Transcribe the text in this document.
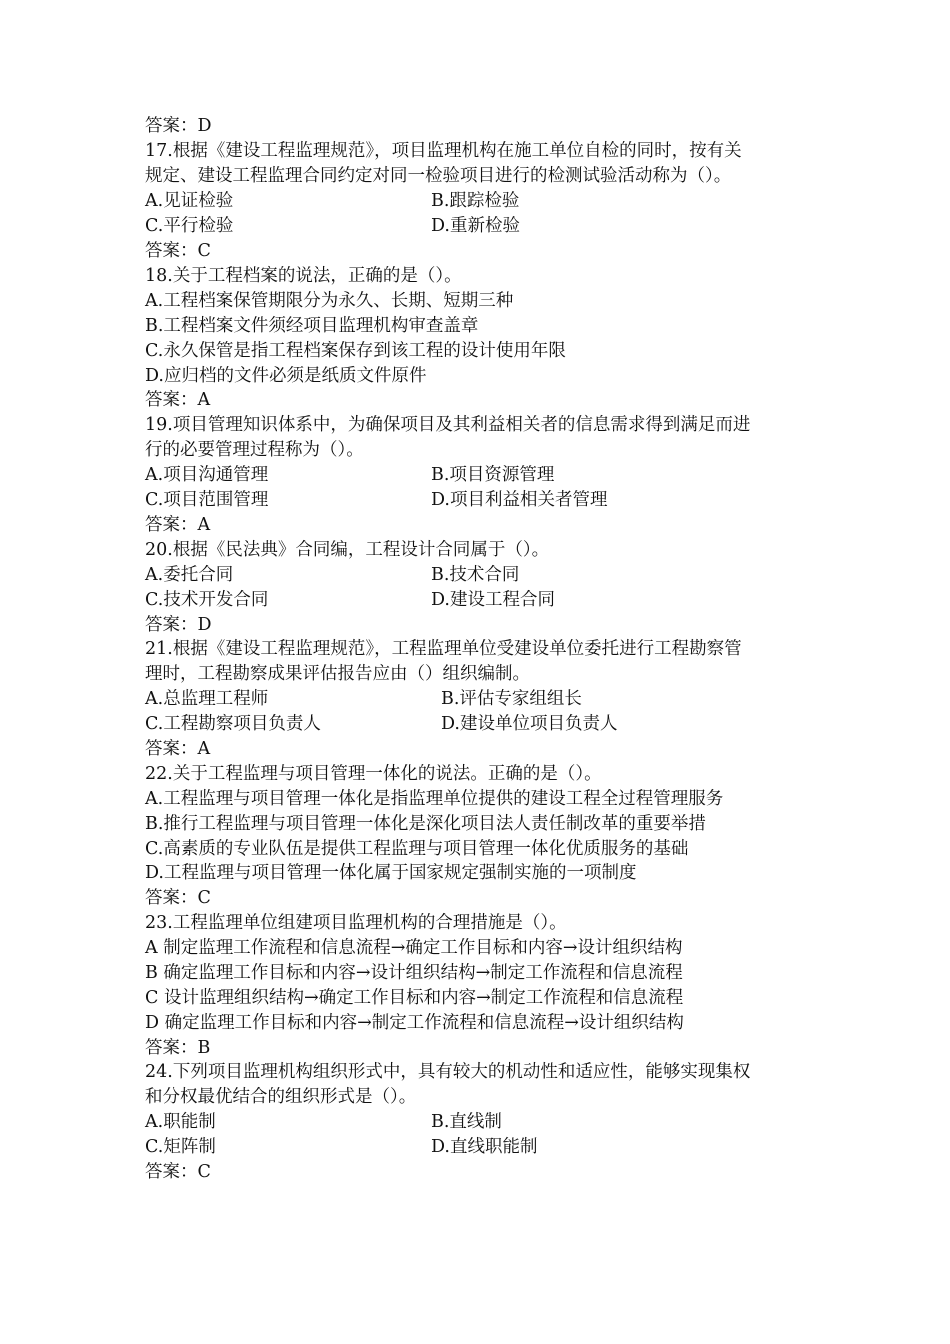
答案：D
17.根据《建设工程监理规范》，项目监理机构在施工单位自检的同时，按有关
规定、建设工程监理合同约定对同一检验项目进行的检测试验活动称为（）。
A.见证检验	B.跟踪检验
C.平行检验	D.重新检验
答案：C
18.关于工程档案的说法，正确的是（）。
A.工程档案保管期限分为永久、长期、短期三种
B.工程档案文件须经项目监理机构审查盖章
C.永久保管是指工程档案保存到该工程的设计使用年限
D.应归档的文件必须是纸质文件原件
答案：A
19.项目管理知识体系中，为确保项目及其利益相关者的信息需求得到满足而进
行的必要管理过程称为（）。
A.项目沟通管理	B.项目资源管理
C.项目范围管理	D.项目利益相关者管理
答案：A
20.根据《民法典》合同编，工程设计合同属于（）。
A.委托合同	B.技术合同
C.技术开发合同	D.建设工程合同
答案：D
21.根据《建设工程监理规范》，工程监理单位受建设单位委托进行工程勘察管
理时，工程勘察成果评估报告应由（）组织编制。
A.总监理工程师	B.评估专家组组长
C.工程勘察项目负责人	D.建设单位项目负责人
答案：A
22.关于工程监理与项目管理一体化的说法。正确的是（）。
A.工程监理与项目管理一体化是指监理单位提供的建设工程全过程管理服务
B.推行工程监理与项目管理一体化是深化项目法人责任制改革的重要举措
C.高素质的专业队伍是提供工程监理与项目管理一体化优质服务的基础
D.工程监理与项目管理一体化属于国家规定强制实施的一项制度
答案：C
23.工程监理单位组建项目监理机构的合理措施是（）。
A 制定监理工作流程和信息流程→确定工作目标和内容→设计组织结构
B 确定监理工作目标和内容→设计组织结构→制定工作流程和信息流程
C 设计监理组织结构→确定工作目标和内容→制定工作流程和信息流程
D 确定监理工作目标和内容→制定工作流程和信息流程→设计组织结构
答案：B
24.下列项目监理机构组织形式中，具有较大的机动性和适应性，能够实现集权
和分权最优结合的组织形式是（）。
A.职能制	B.直线制
C.矩阵制	D.直线职能制
答案：C
